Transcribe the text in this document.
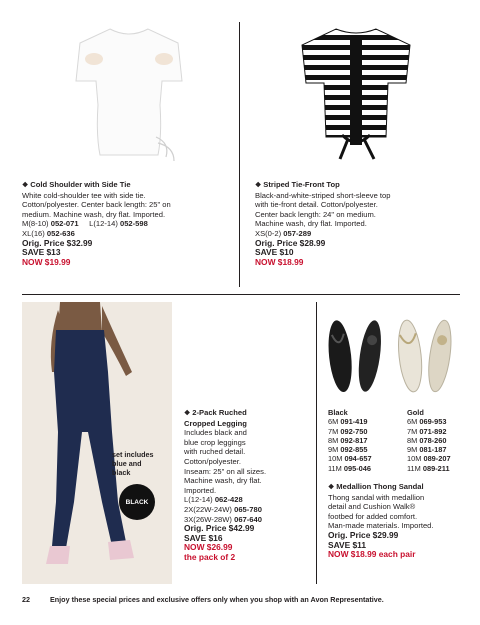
❖ Cold Shoulder with Side Tie
White cold-shoulder tee with side tie.
Cotton/polyester. Center back length: 25" on
medium. Machine wash, dry flat. Imported.
M(8-10) 052-071 L(12-14) 052-598
XL(16) 052-636
Orig. Price $32.99
SAVE $13
NOW $19.99
❖ Striped Tie-Front Top
Black-and-white-striped short-sleeve top
with tie-front detail. Cotton/polyester.
Center back length: 24" on medium.
Machine wash, dry flat. Imported.
XS(0-2) 057-289
Orig. Price $28.99
SAVE $10
NOW $18.99
set includes
blue and
black
BLACK
❖ 2-Pack Ruched
Cropped Legging
Includes black and
blue crop leggings
with ruched detail.
Cotton/polyester.
Inseam: 25" on all sizes.
Machine wash, dry flat.
Imported.
L(12-14) 062-428
2X(22W-24W) 065-780
3X(26W-28W) 067-640
Orig. Price $42.99
SAVE $16
NOW $26.99
the pack of 2
Black
6M 091-419
7M 092-750
8M 092-817
9M 092-855
10M 094-657
11M 095-046
Gold
6M 069-953
7M 071-892
8M 078-260
9M 081-187
10M 089-207
11M 089-211
❖ Medallion Thong Sandal
Thong sandal with medallion
detail and Cushion Walk®
footbed for added comfort.
Man-made materials. Imported.
Orig. Price $29.99
SAVE $11
NOW $18.99 each pair
22	Enjoy these special prices and exclusive offers only when you shop with an Avon Representative.
